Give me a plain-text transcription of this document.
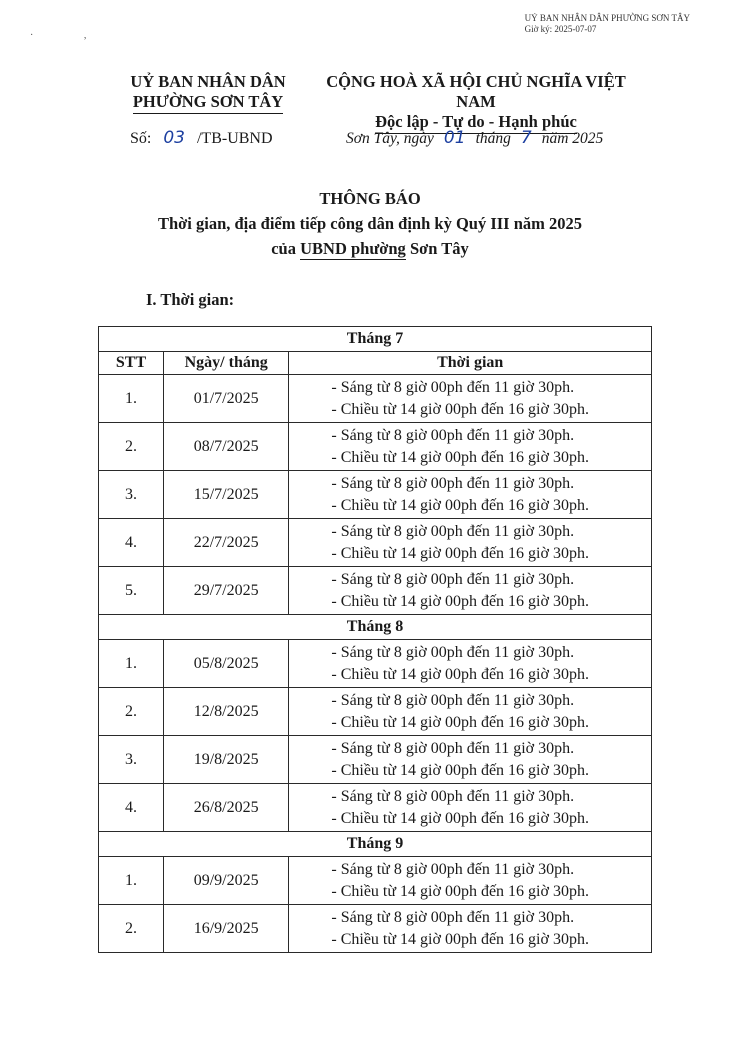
UỶ BAN NHÂN DÂN PHƯỜNG SƠN TÂY
Giờ ký: 2025-07-07
· ,
UỶ BAN NHÂN DÂN
PHƯỜNG SƠN TÂY
CỘNG HOÀ XÃ HỘI CHỦ NGHĨA VIỆT NAM
Độc lập - Tự do - Hạnh phúc
Số: 03 /TB-UBND	Sơn Tây, ngày 01 tháng 7 năm 2025
THÔNG BÁO
Thời gian, địa điểm tiếp công dân định kỳ Quý III năm 2025
của UBND phường Sơn Tây
I. Thời gian:
Tháng 7		
STT	Ngày/ tháng	Thời gian
1.	01/7/2025	- Sáng từ 8 giờ 00ph đến 11 giờ 30ph.
- Chiều từ 14 giờ 00ph đến 16 giờ 30ph.

2.	08/7/2025	- Sáng từ 8 giờ 00ph đến 11 giờ 30ph.
- Chiều từ 14 giờ 00ph đến 16 giờ 30ph.

3.	15/7/2025	- Sáng từ 8 giờ 00ph đến 11 giờ 30ph.
- Chiều từ 14 giờ 00ph đến 16 giờ 30ph.

4.	22/7/2025	- Sáng từ 8 giờ 00ph đến 11 giờ 30ph.
- Chiều từ 14 giờ 00ph đến 16 giờ 30ph.

5.	29/7/2025	- Sáng từ 8 giờ 00ph đến 11 giờ 30ph.
- Chiều từ 14 giờ 00ph đến 16 giờ 30ph.

Tháng 8		
1.	05/8/2025	- Sáng từ 8 giờ 00ph đến 11 giờ 30ph.
- Chiều từ 14 giờ 00ph đến 16 giờ 30ph.

2.	12/8/2025	- Sáng từ 8 giờ 00ph đến 11 giờ 30ph.
- Chiều từ 14 giờ 00ph đến 16 giờ 30ph.

3.	19/8/2025	- Sáng từ 8 giờ 00ph đến 11 giờ 30ph.
- Chiều từ 14 giờ 00ph đến 16 giờ 30ph.

4.	26/8/2025	- Sáng từ 8 giờ 00ph đến 11 giờ 30ph.
- Chiều từ 14 giờ 00ph đến 16 giờ 30ph.

Tháng 9		
1.	09/9/2025	- Sáng từ 8 giờ 00ph đến 11 giờ 30ph.
- Chiều từ 14 giờ 00ph đến 16 giờ 30ph.

2.	16/9/2025	- Sáng từ 8 giờ 00ph đến 11 giờ 30ph.
- Chiều từ 14 giờ 00ph đến 16 giờ 30ph.
